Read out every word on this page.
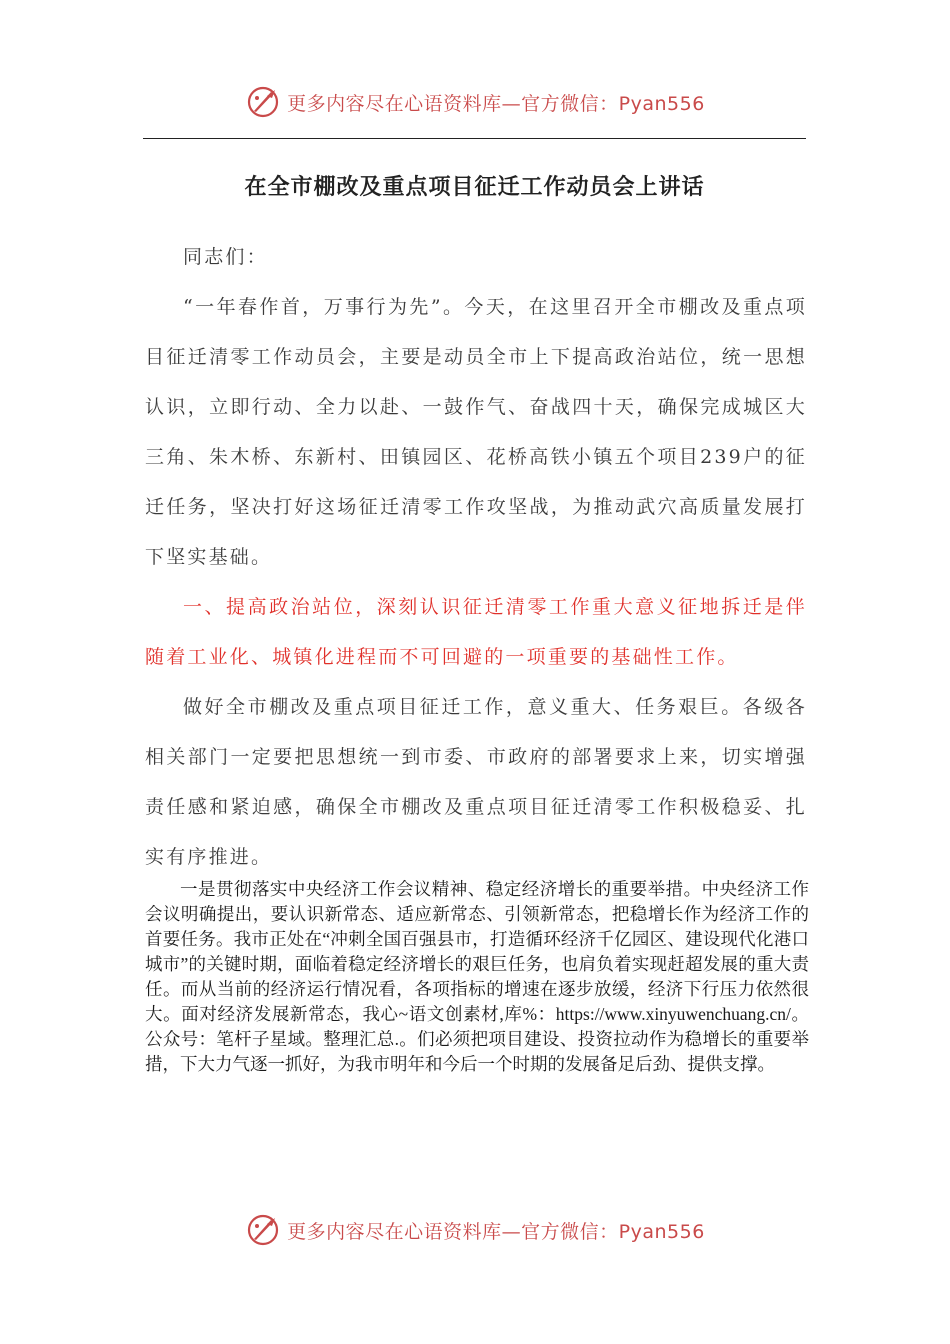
更多内容尽在心语资料库—官方微信：Pyan556
在全市棚改及重点项目征迁工作动员会上讲话

同志们：

“一年春作首，万事行为先”。今天，在这里召开全市棚改及重点项目征迁清零工作动员会，主要是动员全市上下提高政治站位，统一思想认识，立即行动、全力以赴、一鼓作气、奋战四十天，确保完成城区大三角、朱木桥、东新村、田镇园区、花桥高铁小镇五个项目239户的征迁任务，坚决打好这场征迁清零工作攻坚战，为推动武穴高质量发展打下坚实基础。

一、提高政治站位，深刻认识征迁清零工作重大意义征地拆迁是伴随着工业化、城镇化进程而不可回避的一项重要的基础性工作。

做好全市棚改及重点项目征迁工作，意义重大、任务艰巨。各级各相关部门一定要把思想统一到市委、市政府的部署要求上来，切实增强责任感和紧迫感，确保全市棚改及重点项目征迁清零工作积极稳妥、扎实有序推进。

一是贯彻落实中央经济工作会议精神、稳定经济增长的重要举措。中央经济工作会议明确提出，要认识新常态、适应新常态、引领新常态，把稳增长作为经济工作的首要任务。我市正处在“冲刺全国百强县市，打造循环经济千亿园区、建设现代化港口城市”的关键时期，面临着稳定经济增长的艰巨任务，也肩负着实现赶超发展的重大责任。而从当前的经济运行情况看，各项指标的增速在逐步放缓，经济下行压力依然很大。面对经济发展新常态，我心~语文创素材,库%：https://www.xinyuwenchuang.cn/。公众号：笔杆子星域。整理汇总.。们必须把项目建设、投资拉动作为稳增长的重要举措，下大力气逐一抓好，为我市明年和今后一个时期的发展备足后劲、提供支撑。

更多内容尽在心语资料库—官方微信：Pyan556
